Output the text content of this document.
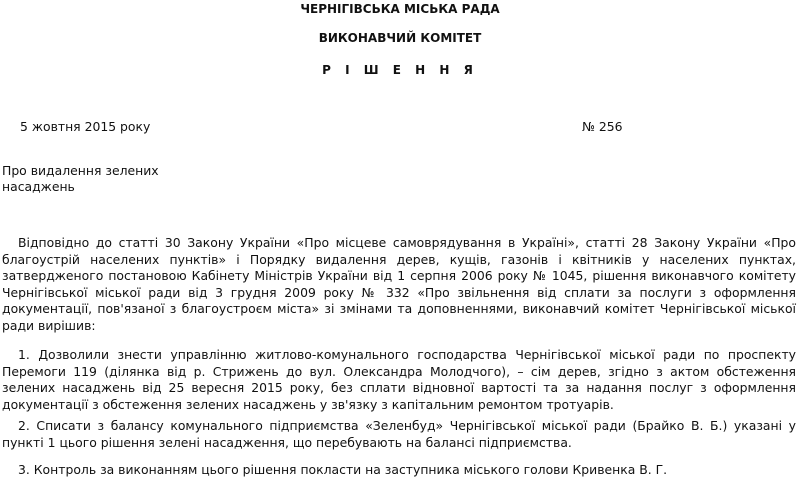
ЧЕРНІГІВСЬКА МІСЬКА РАДА

ВИКОНАВЧИЙ КОМІТЕТ

Р І Ш Е Н Н Я

5 жовтня 2015 року	№ 256

Про видалення зелених
насаджень

Відповідно до статті 30 Закону України «Про місцеве самоврядування в Україні», статті 28 Закону України «Про благоустрій населених пунктів» і Порядку видалення дерев, кущів, газонів і квітників у населених пунктах, затвердженого постановою Кабінету Міністрів України від 1 серпня 2006 року № 1045, рішення виконавчого комітету Чернігівської міської ради від 3 грудня 2009 року № 332 «Про звільнення від сплати за послуги з оформлення документації, пов'язаної з благоустроєм міста» зі змінами та доповненнями, виконавчий комітет Чернігівської міської ради вирішив:

1. Дозволили знести управлінню житлово-комунального господарства Чернігівської міської ради по проспекту Перемоги 119 (ділянка від р. Стрижень до вул. Олександра Молодчого), – сім дерев, згідно з актом обстеження зелених насаджень від 25 вересня 2015 року, без сплати відновної вартості та за надання послуг з оформлення документації з обстеження зелених насаджень у зв'язку з капітальним ремонтом тротуарів.

2. Списати з балансу комунального підприємства «Зеленбуд» Чернігівської міської ради (Брайко В. Б.) указані у пункті 1 цього рішення зелені насадження, що перебувають на балансі підприємства.

3. Контроль за виконанням цього рішення покласти на заступника міського голови Кривенка В. Г.
